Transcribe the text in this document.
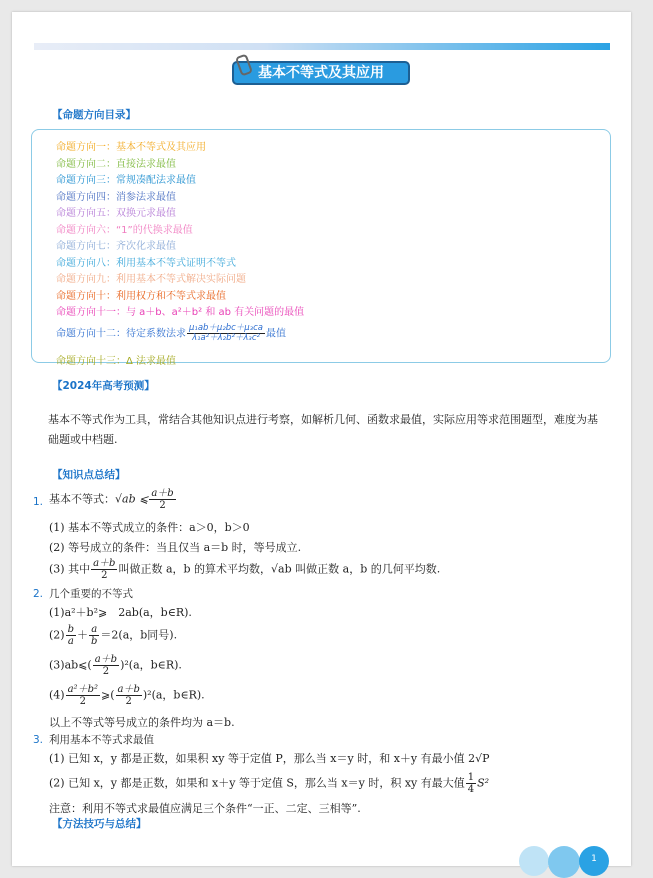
基本不等式及其应用
【命题方向目录】
命题方向一：基本不等式及其应用
命题方向二：直接法求最值
命题方向三：常规凑配法求最值
命题方向四：消参法求最值
命题方向五：双换元求最值
命题方向六：“1”的代换求最值
命题方向七：齐次化求最值
命题方向八：利用基本不等式证明不等式
命题方向九：利用基本不等式解决实际问题
命题方向十：利用权方和不等式求最值
命题方向十一：与 a＋b、a²＋b² 和 ab 有关问题的最值
命题方向十二：待定系数法求 $\frac{\text{μ₁ab＋μ₂bc＋μ₃ca}}{\text{λ₁a²＋λ₂b²＋λ₃c²}}$ 最值
命题方向十三：Δ 法求最值
【2024年高考预测】
基本不等式作为工具，常结合其他知识点进行考察，如解析几何、函数求最值，实际应用等求范围题型，难度为基础题或中档题.
【知识点总结】
1. 基本不等式：√ab ⩽ $\frac{a+b}{2}$
(1) 基本不等式成立的条件：a＞0，b＞0
(2) 等号成立的条件：当且仅当 a＝b 时，等号成立.
(3) 其中 $\frac{a+b}{2}$ 叫做正数 a，b 的算术平均数，√ab 叫做正数 a，b 的几何平均数.
2. 几个重要的不等式
(1)a²＋b²⩾　2ab(a，b∈R).
$(2) \frac{b}{a} + \frac{a}{b} =2(a$，b同号).
(3)ab⩽( $\frac{a+b}{2} )^2(a$，b∈R).
$(4) \frac{\text{a²＋b²}}{2}$ ⩾( $\frac{a+b}{2} )^2(a$，b∈R).
以上不等式等号成立的条件均为 a＝b.
3. 利用基本不等式求最值
(1) 已知 x，y 都是正数，如果积 xy 等于定值 P，那么当 x＝y 时，和 x＋y 有最小值 2√P
(2) 已知 x，y 都是正数，如果和 x＋y 等于定值 S，那么当 x＝y 时，积 xy 有最大值 $\frac{1}{4} S^2$
注意：利用不等式求最值应满足三个条件“一正、二定、三相等”.
【方法技巧与总结】
1
